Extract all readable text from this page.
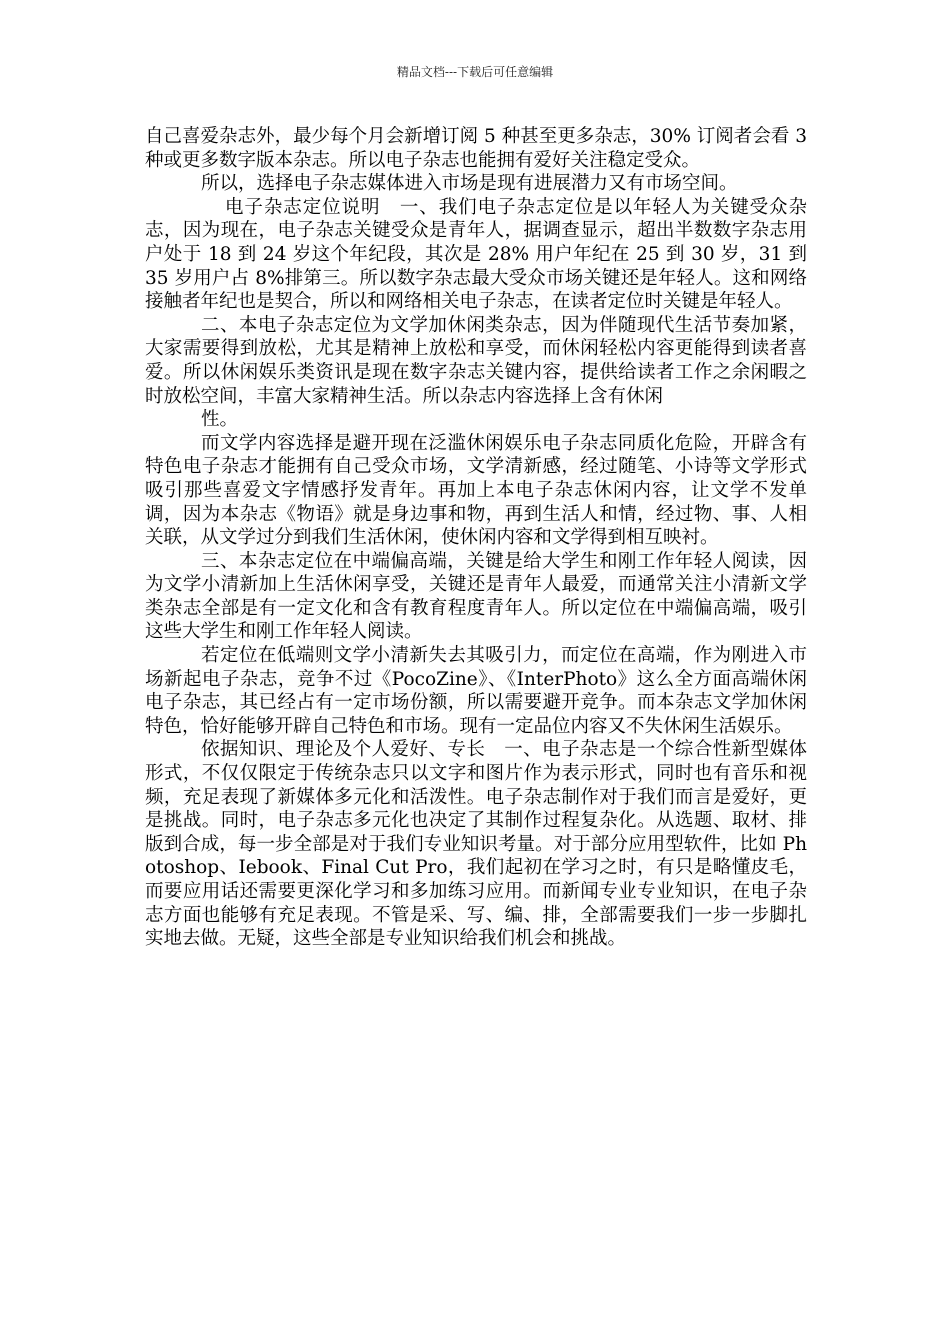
精品文档---下载后可任意编辑

自己喜爱杂志外，最少每个月会新增订阅 5 种甚至更多杂志，30% 订阅者会看 3 种或更多数字版本杂志。所以电子杂志也能拥有爱好关注稳定受众。

所以，选择电子杂志媒体进入市场是现有进展潜力又有市场空间。

电子杂志定位说明　一、我们电子杂志定位是以年轻人为关键受众杂志，因为现在，电子杂志关键受众是青年人，据调查显示，超出半数数字杂志用户处于 18 到 24 岁这个年纪段，其次是 28% 用户年纪在 25 到 30 岁，31 到 35 岁用户占 8%排第三。所以数字杂志最大受众市场关键还是年轻人。这和网络接触者年纪也是契合，所以和网络相关电子杂志，在读者定位时关键是年轻人。

二、本电子杂志定位为文学加休闲类杂志，因为伴随现代生活节奏加紧，大家需要得到放松，尤其是精神上放松和享受，而休闲轻松内容更能得到读者喜爱。所以休闲娱乐类资讯是现在数字杂志关键内容，提供给读者工作之余闲暇之时放松空间，丰富大家精神生活。所以杂志内容选择上含有休闲

性。

而文学内容选择是避开现在泛滥休闲娱乐电子杂志同质化危险，开辟含有特色电子杂志才能拥有自己受众市场，文学清新感，经过随笔、小诗等文学形式吸引那些喜爱文字情感抒发青年。再加上本电子杂志休闲内容，让文学不发单调，因为本杂志《物语》就是身边事和物，再到生活人和情，经过物、事、人相关联，从文学过分到我们生活休闲，使休闲内容和文学得到相互映衬。

三、本杂志定位在中端偏高端，关键是给大学生和刚工作年轻人阅读，因为文学小清新加上生活休闲享受，关键还是青年人最爱，而通常关注小清新文学类杂志全部是有一定文化和含有教育程度青年人。所以定位在中端偏高端，吸引这些大学生和刚工作年轻人阅读。

若定位在低端则文学小清新失去其吸引力，而定位在高端，作为刚进入市场新起电子杂志，竞争不过《PocoZine》、《InterPhoto》这么全方面高端休闲电子杂志，其已经占有一定市场份额，所以需要避开竞争。而本杂志文学加休闲特色，恰好能够开辟自己特色和市场。现有一定品位内容又不失休闲生活娱乐。

依据知识、理论及个人爱好、专长　一、电子杂志是一个综合性新型媒体形式，不仅仅限定于传统杂志只以文字和图片作为表示形式，同时也有音乐和视频，充足表现了新媒体多元化和活泼性。电子杂志制作对于我们而言是爱好，更是挑战。同时，电子杂志多元化也决定了其制作过程复杂化。从选题、取材、排版到合成，每一步全部是对于我们专业知识考量。对于部分应用型软件，比如 Photoshop、Iebook、Final Cut Pro，我们起初在学习之时，有只是略懂皮毛，而要应用话还需要更深化学习和多加练习应用。而新闻专业专业知识，在电子杂志方面也能够有充足表现。不管是采、写、编、排，全部需要我们一步一步脚扎实地去做。无疑，这些全部是专业知识给我们机会和挑战。
